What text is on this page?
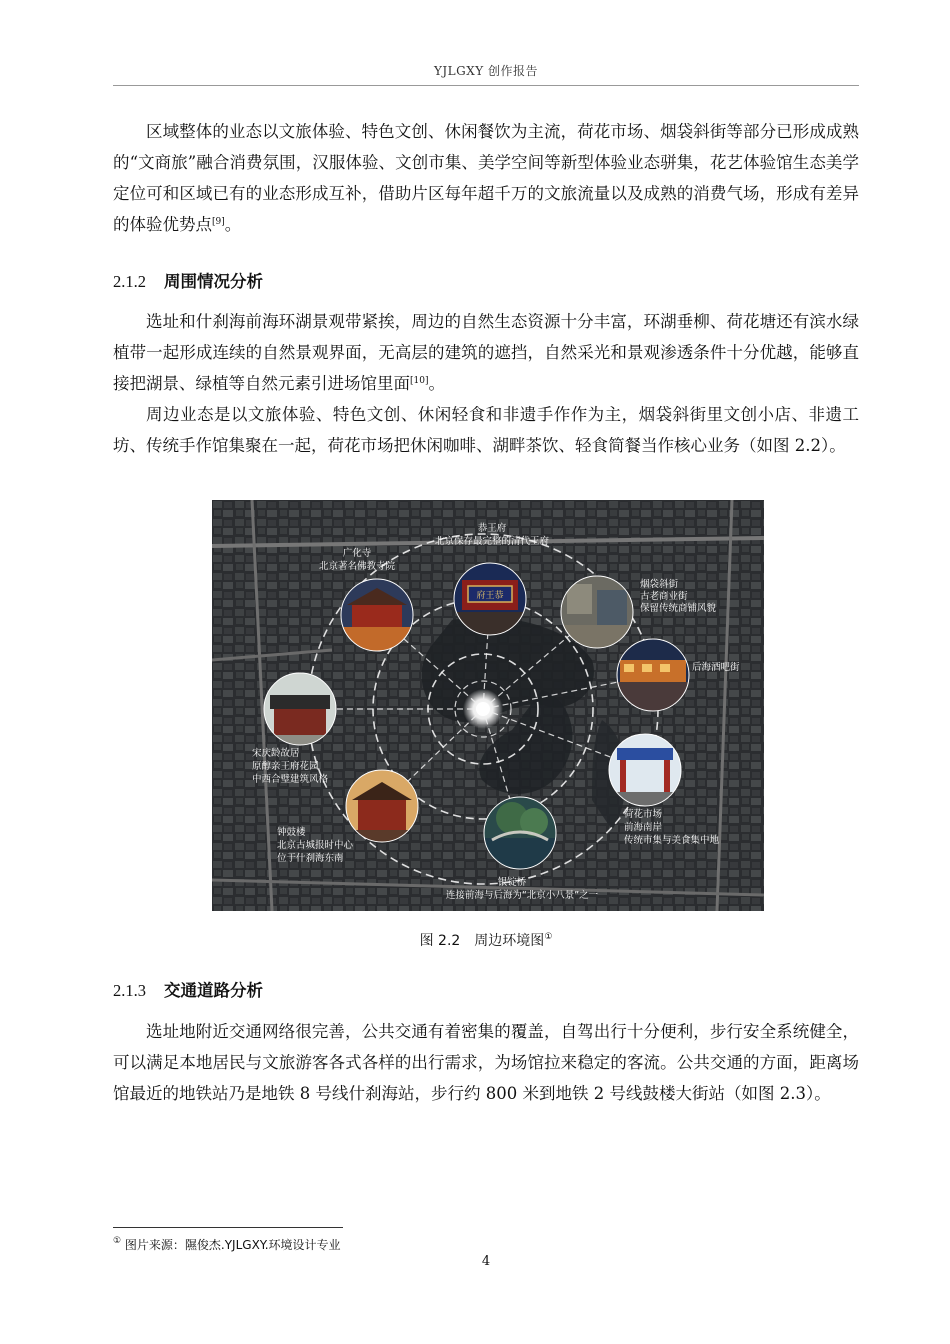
YJLGXY 创作报告

区域整体的业态以文旅体验、特色文创、休闲餐饮为主流，荷花市场、烟袋斜街等部分已形成成熟的“文商旅”融合消费氛围，汉服体验、文创市集、美学空间等新型体验业态骈集，花艺体验馆生态美学定位可和区域已有的业态形成互补，借助片区每年超千万的文旅流量以及成熟的消费气场，形成有差异的体验优势点[9]。

2.1.2 周围情况分析

选址和什刹海前海环湖景观带紧挨，周边的自然生态资源十分丰富，环湖垂柳、荷花塘还有滨水绿植带一起形成连续的自然景观界面，无高层的建筑的遮挡，自然采光和景观渗透条件十分优越，能够直接把湖景、绿植等自然元素引进场馆里面[10]。

周边业态是以文旅体验、特色文创、休闲轻食和非遗手作作为主，烟袋斜街里文创小店、非遗工坊、传统手作馆集聚在一起，荷花市场把休闲咖啡、湖畔茶饮、轻食简餐当作核心业务（如图 2.2）。

府王恭
恭王府
北京保存最完整的清代王府
广化寺
北京著名佛教寺院
烟袋斜街
古老商业街
保留传统商铺风貌
后海酒吧街
宋庆龄故居
原醇亲王府花园
中西合璧建筑风格
荷花市场
前海南岸
传统市集与美食集中地
钟鼓楼
北京古城报时中心
位于什刹海东南
银锭桥
连接前海与后海为“北京小八景”之一
图 2.2　周边环境图①

2.1.3 交通道路分析

选址地附近交通网络很完善，公共交通有着密集的覆盖，自驾出行十分便利，步行安全系统健全，可以满足本地居民与文旅游客各式各样的出行需求，为场馆拉来稳定的客流。公共交通的方面，距离场馆最近的地铁站乃是地铁 8 号线什刹海站，步行约 800 米到地铁 2 号线鼓楼大街站（如图 2.3）。

① 图片来源：隰俊杰.YJLGXY.环境设计专业
4
